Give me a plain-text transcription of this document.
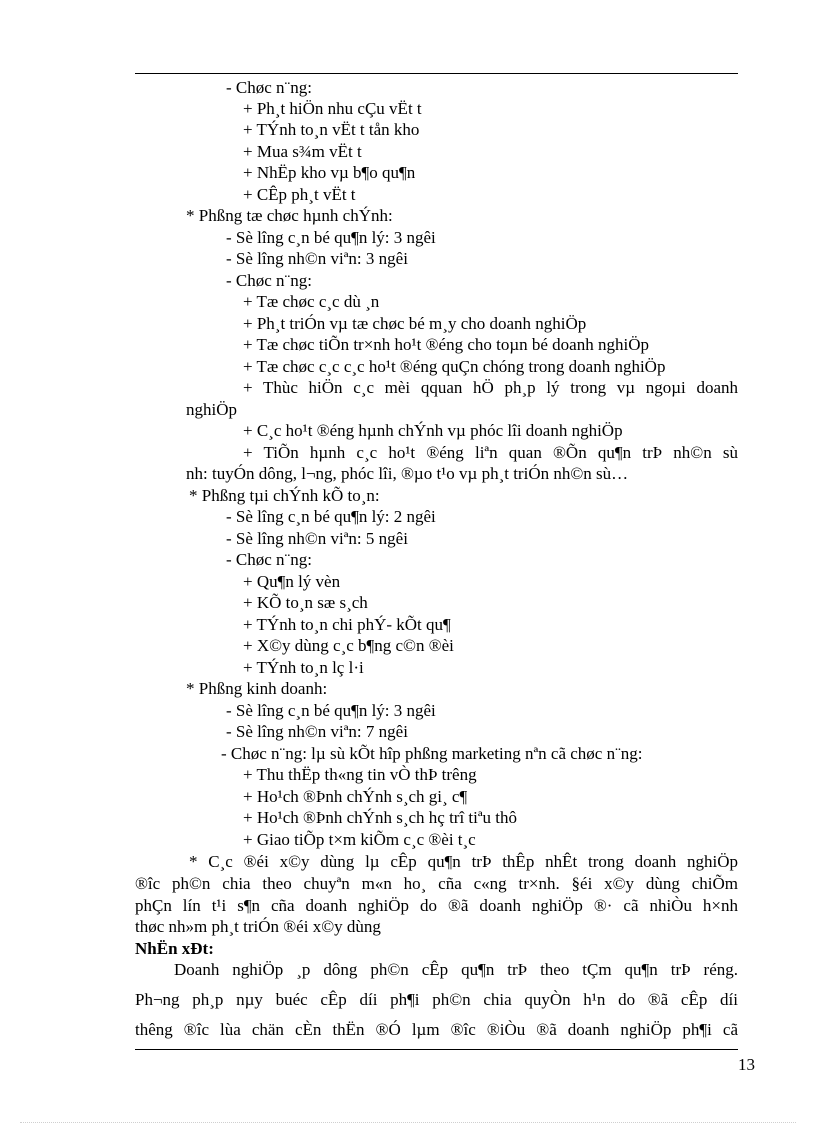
- Chøc n¨ng:
+ Ph¸t hiÖn nhu cÇu vËt t
+ TÝnh to¸n vËt t tån kho
+ Mua s¾m vËt t
+ NhËp kho vµ b¶o qu¶n
+ CÊp ph¸t vËt t
* Phßng tæ chøc hµnh chÝnh:
- Sè lîng c¸n bé qu¶n lý: 3 ngêi
- Sè lîng nh©n viªn: 3 ngêi
- Chøc n¨ng:
+ Tæ chøc c¸c dù ¸n
+ Ph¸t triÓn vµ tæ chøc bé m¸y cho doanh nghiÖp
+ Tæ chøc tiÕn tr×nh ho¹t ®éng cho toµn bé doanh nghiÖp
+ Tæ chøc c¸c c¸c ho¹t ®éng quÇn chóng trong doanh nghiÖp
+ Thùc hiÖn c¸c mèi qquan hÖ ph¸p lý trong vµ ngoµi doanh
nghiÖp
+ C¸c ho¹t ®éng hµnh chÝnh vµ phóc lîi doanh nghiÖp
+ TiÕn hµnh c¸c ho¹t ®éng liªn quan ®Õn qu¶n trÞ nh©n sù
nh: tuyÓn dông, l¬ng, phóc lîi, ®µo t¹o vµ ph¸t triÓn nh©n sù…
* Phßng tµi chÝnh kÕ to¸n:
- Sè lîng c¸n bé qu¶n lý: 2 ngêi
- Sè lîng nh©n viªn: 5 ngêi
- Chøc n¨ng:
+ Qu¶n lý vèn
+ KÕ to¸n sæ s¸ch
+ TÝnh to¸n chi phÝ- kÕt qu¶
+ X©y dùng c¸c b¶ng c©n ®èi
+ TÝnh to¸n lç l·i
* Phßng kinh doanh:
- Sè lîng c¸n bé qu¶n lý: 3 ngêi
- Sè lîng nh©n viªn: 7 ngêi
- Chøc n¨ng: lµ sù kÕt hîp phßng marketing nªn cã chøc n¨ng:
+ Thu thËp th«ng tin vÒ thÞ trêng
+ Ho¹ch ®Þnh chÝnh s¸ch gi¸ c¶
+ Ho¹ch ®Þnh chÝnh s¸ch hç trî tiªu thô
+ Giao tiÕp t×m kiÕm c¸c ®èi t¸c
* C¸c ®éi x©y dùng lµ cÊp qu¶n trÞ thÊp nhÊt trong doanh nghiÖp
®îc ph©n chia theo chuyªn m«n ho¸ cña c«ng tr×nh. §éi x©y dùng chiÕm
phÇn lín t¹i s¶n cña doanh nghiÖp do ®ã doanh nghiÖp ®· cã nhiÒu h×nh
thøc nh»m ph¸t triÓn ®éi x©y dùng
NhËn xÐt:
Doanh nghiÖp ¸p dông ph©n cÊp qu¶n trÞ theo tÇm qu¶n trÞ réng.
Ph¬ng ph¸p nµy buéc cÊp díi ph¶i ph©n chia quyÒn h¹n do ®ã cÊp díi
thêng ®îc lùa chän cÈn thËn ®Ó lµm ®îc ®iÒu ®ã doanh nghiÖp ph¶i cã
13
